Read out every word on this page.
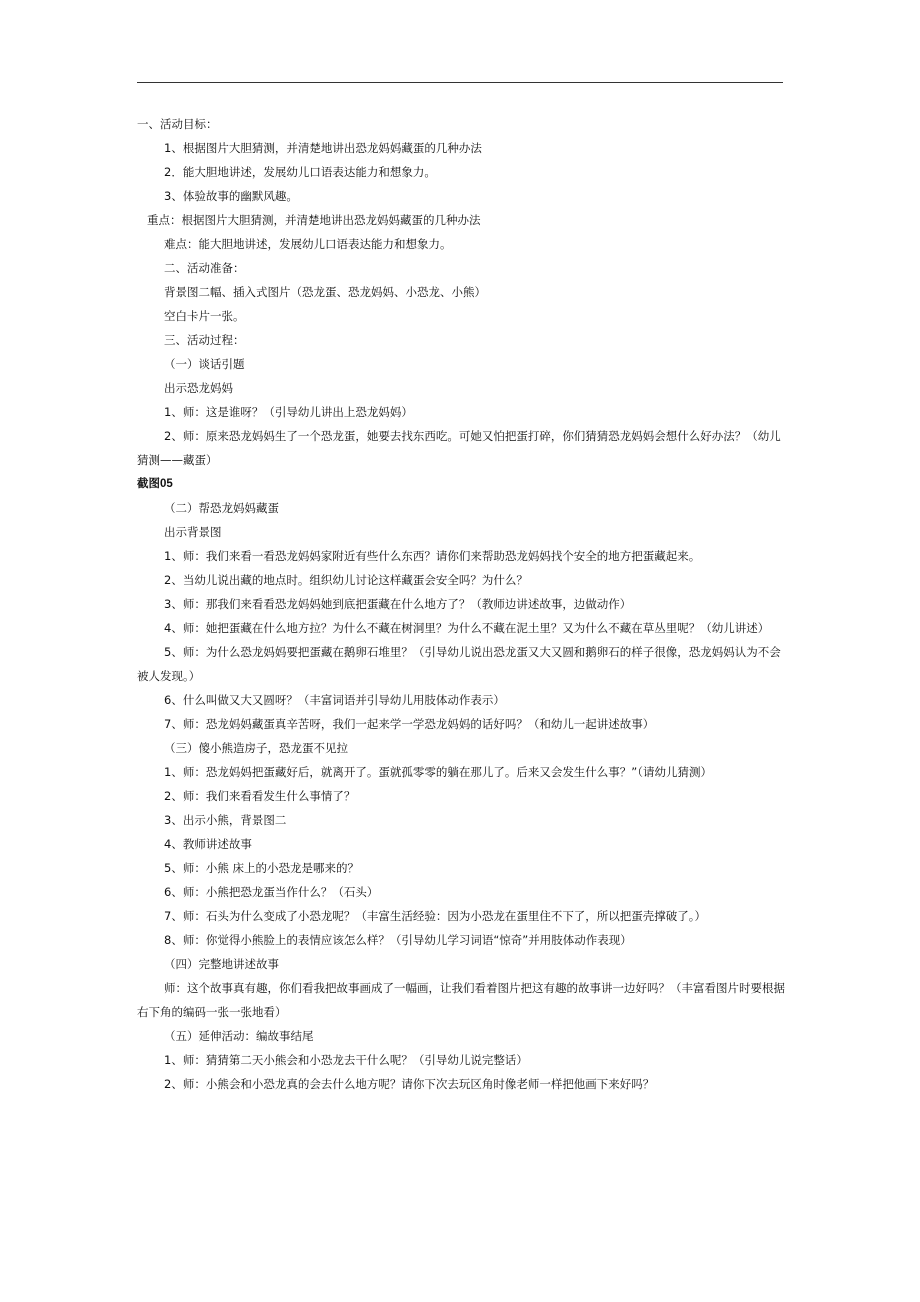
一、活动目标：
1、根据图片大胆猜测，并清楚地讲出恐龙妈妈藏蛋的几种办法
2．能大胆地讲述，发展幼儿口语表达能力和想象力。
3、体验故事的幽默风趣。
重点：根据图片大胆猜测，并清楚地讲出恐龙妈妈藏蛋的几种办法
难点：能大胆地讲述，发展幼儿口语表达能力和想象力。
二、活动准备：
背景图二幅、插入式图片（恐龙蛋、恐龙妈妈、小恐龙、小熊）
空白卡片一张。
三、活动过程：
（一）谈话引题
出示恐龙妈妈
1、师：这是谁呀？（引导幼儿讲出上恐龙妈妈）
2、师：原来恐龙妈妈生了一个恐龙蛋，她要去找东西吃。可她又怕把蛋打碎，你们猜猜恐龙妈妈会想什么好办法？（幼儿猜测——藏蛋）
截图05
（二）帮恐龙妈妈藏蛋
出示背景图
1、师：我们来看一看恐龙妈妈家附近有些什么东西？请你们来帮助恐龙妈妈找个安全的地方把蛋藏起来。
2、当幼儿说出藏的地点时。组织幼儿讨论这样藏蛋会安全吗？为什么？
3、师：那我们来看看恐龙妈妈她到底把蛋藏在什么地方了？（教师边讲述故事，边做动作）
4、师：她把蛋藏在什么地方拉？为什么不藏在树洞里？为什么不藏在泥土里？又为什么不藏在草丛里呢？（幼儿讲述）
5、师：为什么恐龙妈妈要把蛋藏在鹅卵石堆里？（引导幼儿说出恐龙蛋又大又圆和鹅卵石的样子很像，恐龙妈妈认为不会被人发现。）
6、什么叫做又大又圆呀？（丰富词语并引导幼儿用肢体动作表示）
7、师：恐龙妈妈藏蛋真辛苦呀，我们一起来学一学恐龙妈妈的话好吗？（和幼儿一起讲述故事）
（三）傻小熊造房子，恐龙蛋不见拉
1、师：恐龙妈妈把蛋藏好后，就离开了。蛋就孤零零的躺在那儿了。后来又会发生什么事？”（请幼儿猜测）
2、师：我们来看看发生什么事情了？
3、出示小熊，背景图二
4、教师讲述故事
5、师：小熊 床上的小恐龙是哪来的？
6、师：小熊把恐龙蛋当作什么？（石头）
7、师：石头为什么变成了小恐龙呢？（丰富生活经验：因为小恐龙在蛋里住不下了，所以把蛋壳撑破了。）
8、师：你觉得小熊脸上的表情应该怎么样？（引导幼儿学习词语“惊奇”并用肢体动作表现）
（四）完整地讲述故事
师：这个故事真有趣，你们看我把故事画成了一幅画，让我们看着图片把这有趣的故事讲一边好吗？（丰富看图片时要根据右下角的编码一张一张地看）
（五）延伸活动：编故事结尾
1、师：猜猜第二天小熊会和小恐龙去干什么呢？（引导幼儿说完整话）
2、师：小熊会和小恐龙真的会去什么地方呢？请你下次去玩区角时像老师一样把他画下来好吗？
